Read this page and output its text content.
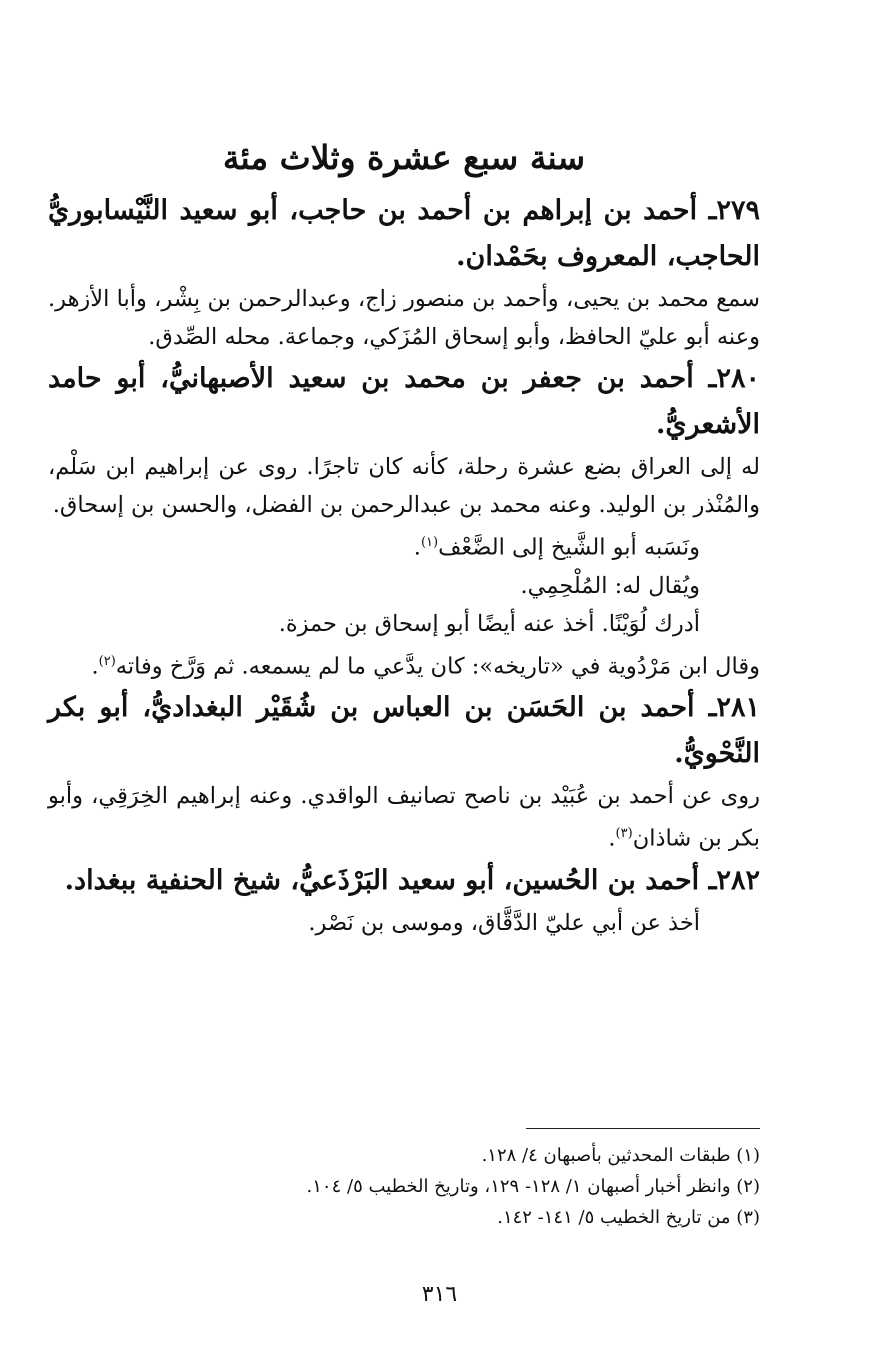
سنة سبع عشرة وثلاث مئة

٢٧٩ـ أحمد بن إبراهم بن أحمد بن حاجب، أبو سعيد النَّيْسابوريُّ الحاجب، المعروف بحَمْدان.

سمع محمد بن يحيى، وأحمد بن منصور زاج، وعبدالرحمن بن بِشْر، وأبا الأزهر. وعنه أبو عليّ الحافظ، وأبو إسحاق المُزَكي، وجماعة. محله الصِّدق.

٢٨٠ـ أحمد بن جعفر بن محمد بن سعيد الأصبهانيُّ، أبو حامد الأشعريُّ.

له إلى العراق بضع عشرة رحلة، كأنه كان تاجرًا. روى عن إبراهيم ابن سَلْم، والمُنْذر بن الوليد. وعنه محمد بن عبدالرحمن بن الفضل، والحسن بن إسحاق.

ونَسَبه أبو الشَّيخ إلى الضَّعْف$^{(١)}$.

ويُقال له: المُلْحِمِي.

أدرك لُوَيْنًا. أخذ عنه أيضًا أبو إسحاق بن حمزة.

وقال ابن مَرْدُوية في «تاريخه»: كان يدَّعي ما لم يسمعه. ثم وَرَّخ وفاته$^{(٢)}$.

٢٨١ـ أحمد بن الحَسَن بن العباس بن شُقَيْر البغداديُّ، أبو بكر النَّحْويُّ.

روى عن أحمد بن عُبَيْد بن ناصح تصانيف الواقدي. وعنه إبراهيم الخِرَقِي، وأبو بكر بن شاذان$^{(٣)}$.

٢٨٢ـ أحمد بن الحُسين، أبو سعيد البَرْذَعيُّ، شيخ الحنفية ببغداد.

أخذ عن أبي عليّ الدَّقَّاق، وموسى بن نَصْر.

(١) طبقات المحدثين بأصبهان ٤/ ١٢٨.
(٢) وانظر أخبار أصبهان ١/ ١٢٨- ١٢٩، وتاريخ الخطيب ٥/ ١٠٤.
(٣) من تاريخ الخطيب ٥/ ١٤١- ١٤٢.
٣١٦
